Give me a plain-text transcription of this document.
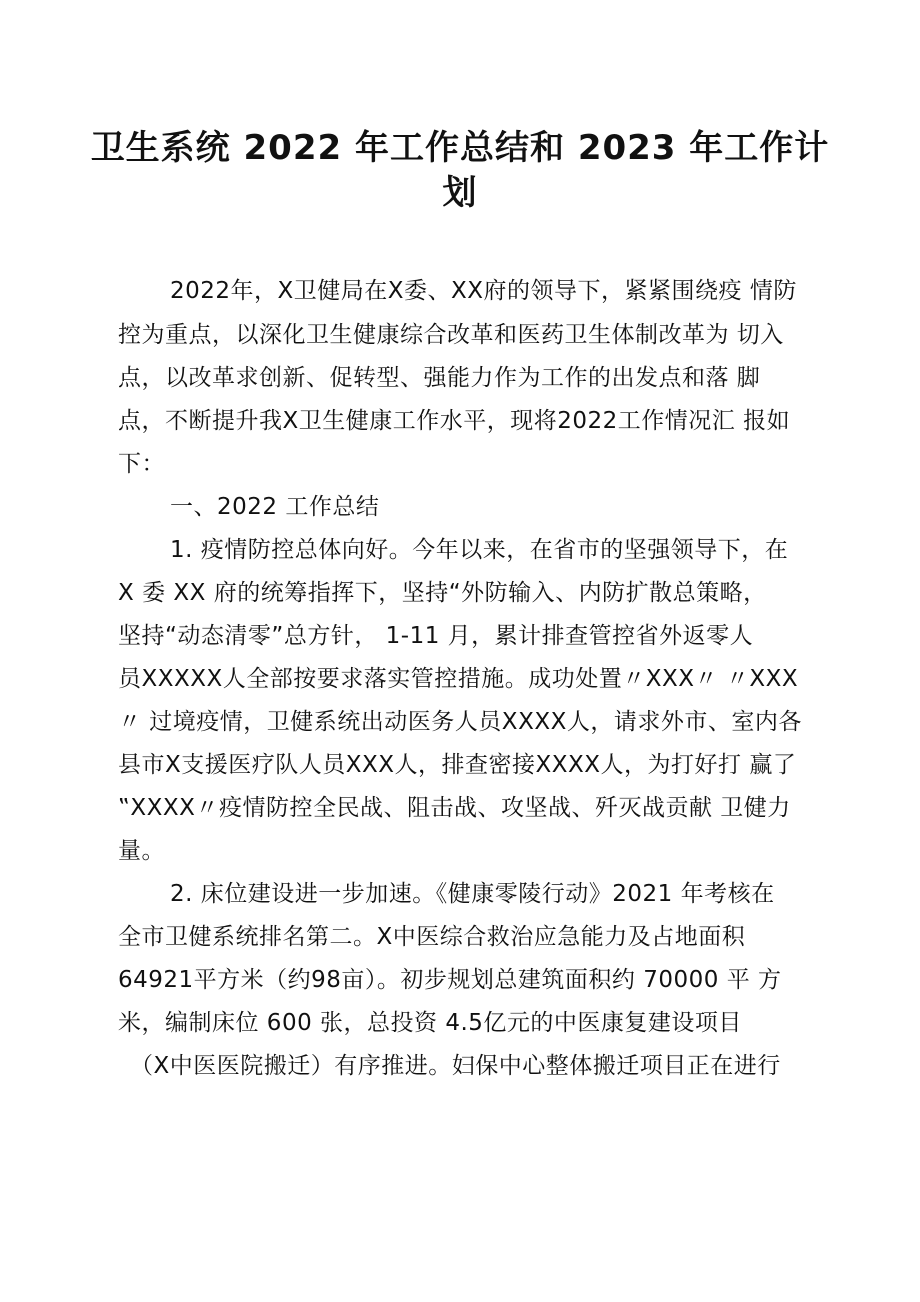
卫生系统 2022 年工作总结和 2023 年工作计
划
2022年，X卫健局在X委、XX府的领导下，紧紧围绕疫 情防
控为重点，以深化卫生健康综合改革和医药卫生体制改革为 切入
点，以改革求创新、促转型、强能力作为工作的出发点和落 脚
点，不断提升我X卫生健康工作水平，现将2022工作情况汇 报如
下：
一、2022 工作总结
1. 疫情防控总体向好。今年以来，在省市的坚强领导下，在
X 委 XX 府的统筹指挥下，坚持“外防输入、内防扩散总策略，
坚持“动态清零”总方针， 1-11 月，累计排查管控省外返零人
员XXXXX人全部按要求落实管控措施。成功处置〃XXX〃 〃XXX
〃 过境疫情，卫健系统出动医务人员XXXX人，请求外市、室内各
县市X支援医疗队人员XXX人，排查密接XXXX人，为打好打 赢了
‟XXXX〃疫情防控全民战、阻击战、攻坚战、歼灭战贡献 卫健力
量。
2. 床位建设进一步加速。《健康零陵行动》2021 年考核在
全市卫健系统排名第二。X中医综合救治应急能力及占地面积
64921平方米（约98亩）。初步规划总建筑面积约 70000 平 方
米，编制床位 600 张，总投资 4.5亿元的中医康复建设项目
（X中医医院搬迁）有序推进。妇保中心整体搬迁项目正在进行
